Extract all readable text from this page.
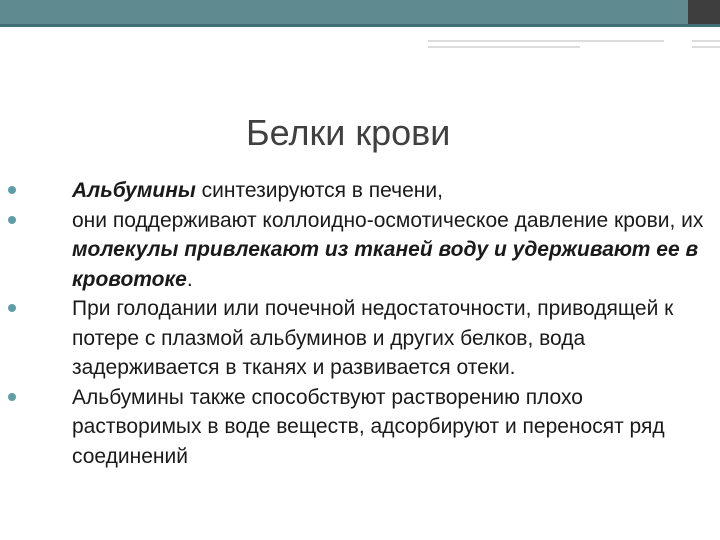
Белки крови
Альбумины синтезируются в печени,
они поддерживают коллоидно-осмотическое давление крови, их молекулы привлекают из тканей воду и удерживают ее в кровотоке.
При голодании или почечной недостаточности, приводящей к потере с плазмой альбуминов и других белков, вода задерживается в тканях и развивается отеки.
Альбумины также способствуют растворению плохо растворимых в воде веществ, адсорбируют и переносят ряд соединений
